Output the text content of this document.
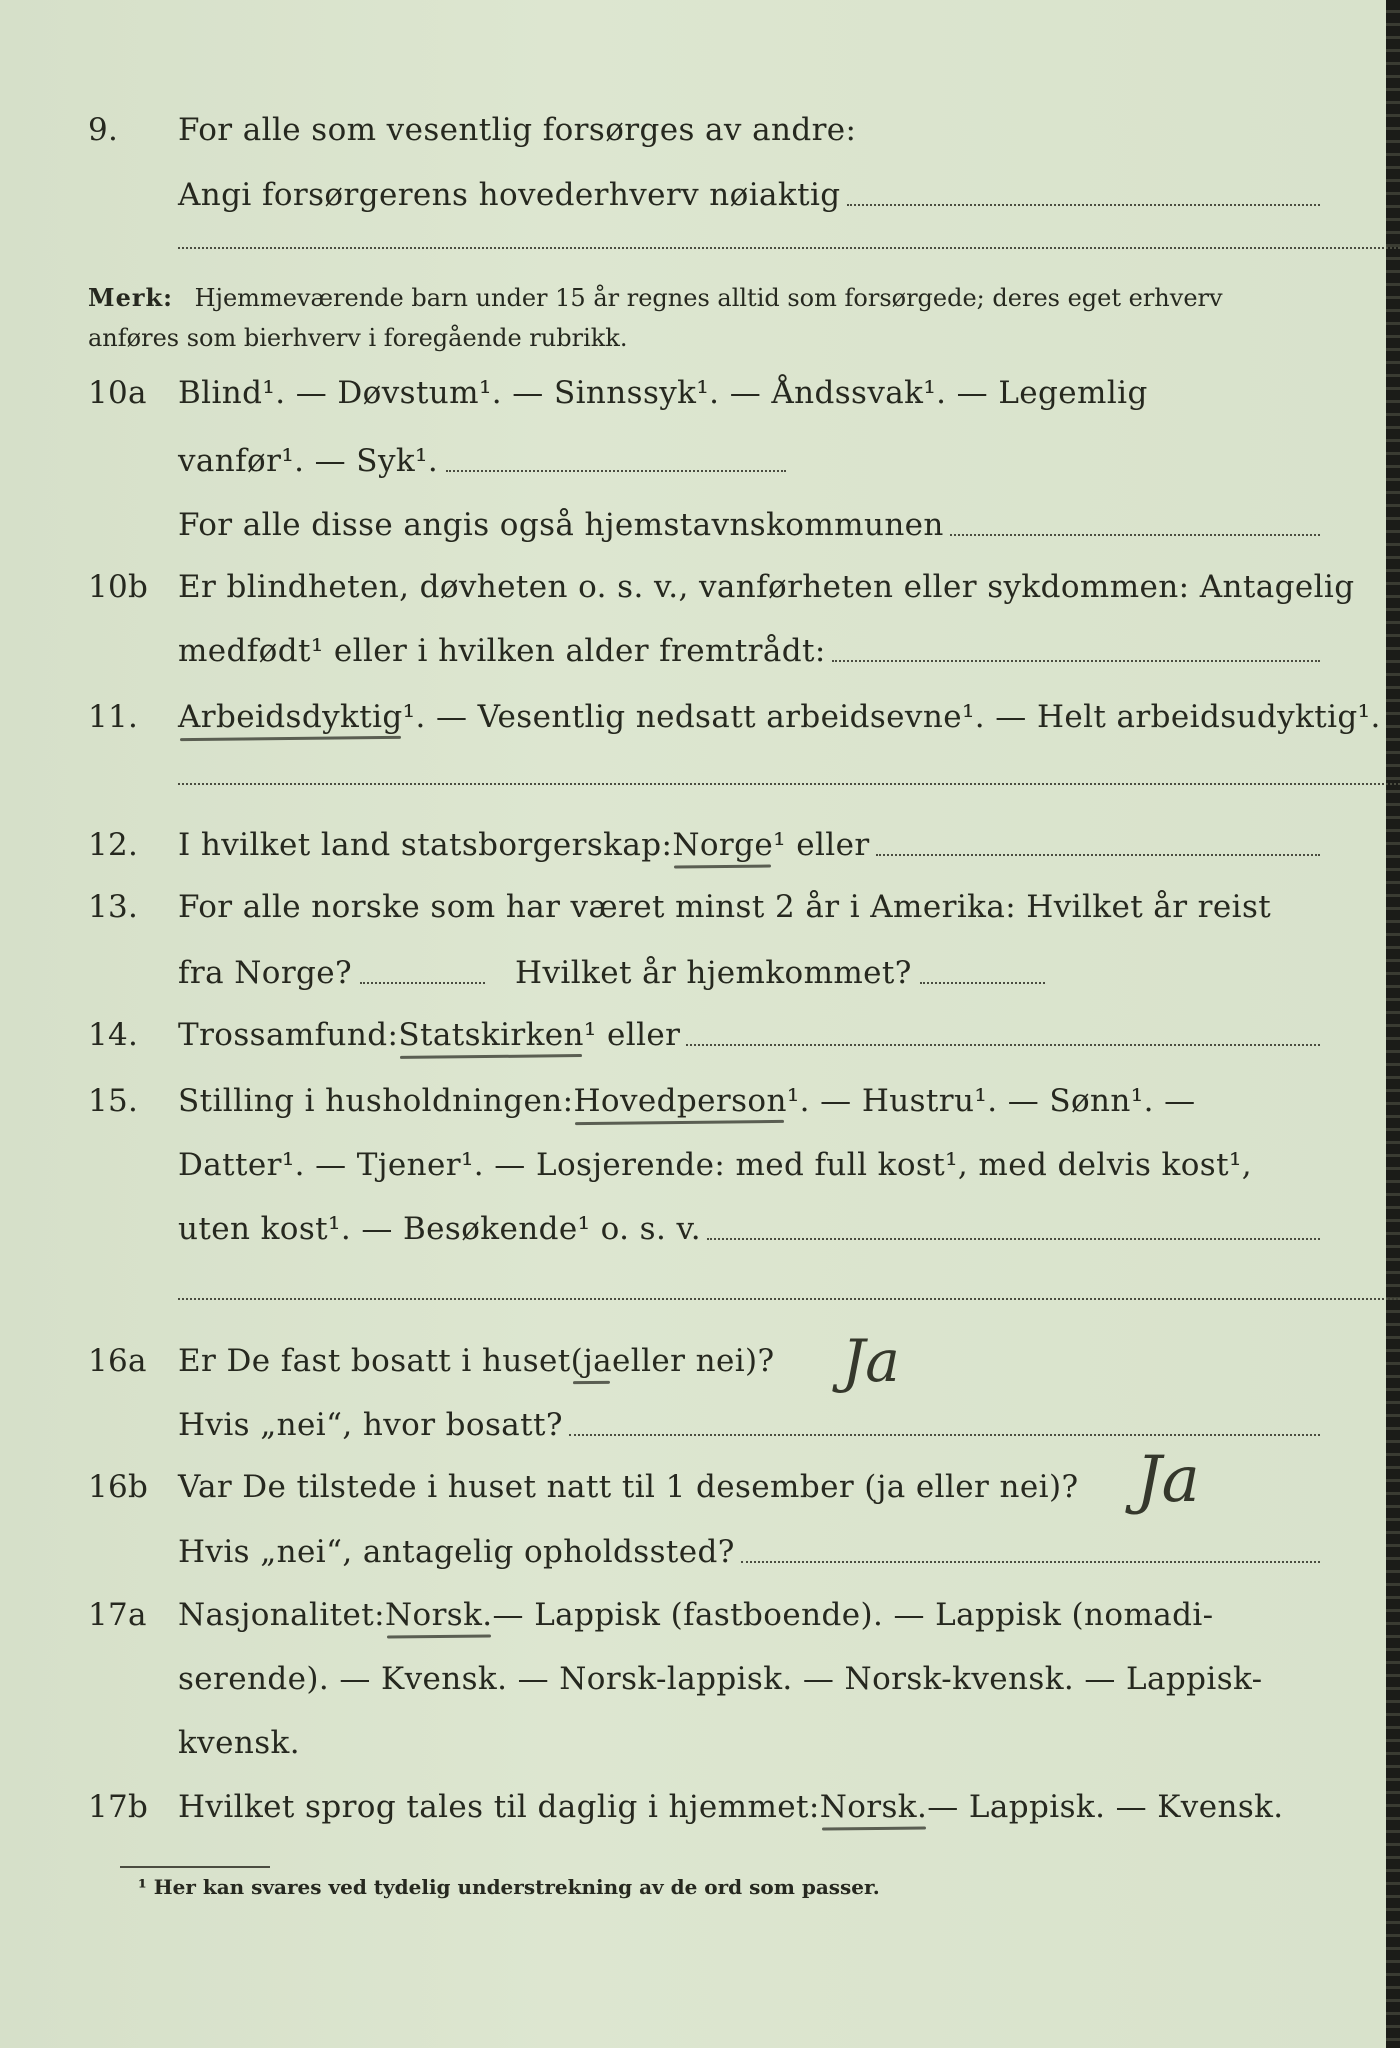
9.	For alle som vesentlig forsørges av andre:
Angi forsørgerens hovederhverv nøiaktig
Merk: Hjemmeværende barn under 15 år regnes alltid som forsørgede; deres eget erhverv anføres som bierhverv i foregående rubrikk.
10a	Blind¹. — Døvstum¹. — Sinnssyk¹. — Åndssvak¹. — Legemlig
vanfør¹. — Syk¹.
For alle disse angis også hjemstavnskommunen
10b Er blindheten, døvheten o. s. v., vanførheten eller sykdommen: Antagelig
medfødt¹ eller i hvilken alder fremtrådt:
11.	Arbeidsdyktig ¹. — Vesentlig nedsatt arbeidsevne¹. — Helt arbeidsudyktig¹.
12.	I hvilket land statsborgerskap: Norge ¹ eller
13.	For alle norske som har været minst 2 år i Amerika: Hvilket år reist
fra Norge?	Hvilket år hjemkommet?
14.	Trossamfund: Statskirken ¹ eller
15.	Stilling i husholdningen: Hovedperson ¹. — Hustru¹. — Sønn¹. —
Datter¹. — Tjener¹. — Losjerende: med full kost¹, med delvis kost¹,
uten kost¹. — Besøkende¹ o. s. v.
16a	Er De fast bosatt i huset (ja eller nei)? Ja
Hvis „nei“, hvor bosatt?
16b Var De tilstede i huset natt til 1 desember (ja eller nei)? Ja
Hvis „nei“, antagelig opholdssted?
17a	Nasjonalitet: Norsk. — Lappisk (fastboende). — Lappisk (nomadi-
serende). — Kvensk. — Norsk-lappisk. — Norsk-kvensk. — Lappisk-
kvensk.
17b Hvilket sprog tales til daglig i hjemmet: Norsk. — Lappisk. — Kvensk.
¹ Her kan svares ved tydelig understrekning av de ord som passer.
